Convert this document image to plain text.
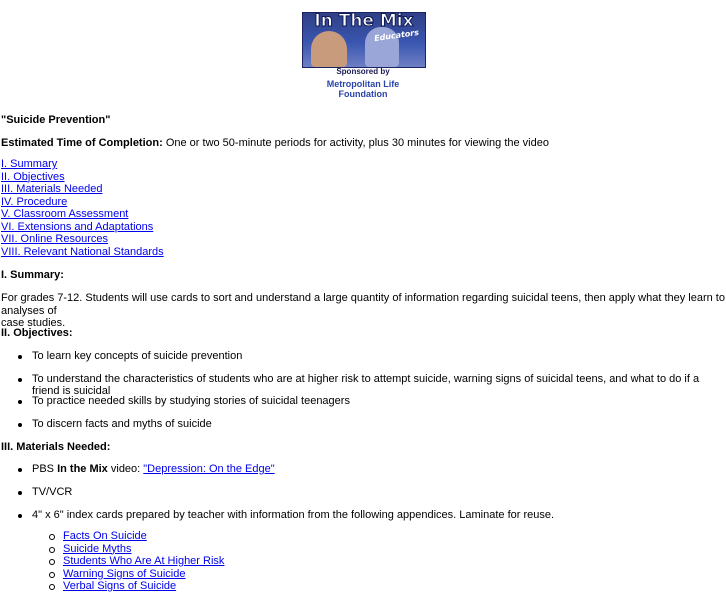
In The Mix
Educators
Sponsored by
Metropolitan Life
Foundation
"Suicide Prevention"
Estimated Time of Completion: One or two 50-minute periods for activity, plus 30 minutes for viewing the video
I. Summary
II. Objectives
III. Materials Needed
IV. Procedure
V. Classroom Assessment
VI. Extensions and Adaptations
VII. Online Resources
VIII. Relevant National Standards
I. Summary:
For grades 7-12. Students will use cards to sort and understand a large quantity of information regarding suicidal teens, then apply what they learn to analyses of
case studies.
II. Objectives:
To learn key concepts of suicide prevention
To understand the characteristics of students who are at higher risk to attempt suicide, warning signs of suicidal teens, and what to do if a friend is suicidal
To practice needed skills by studying stories of suicidal teenagers
To discern facts and myths of suicide
III. Materials Needed:
PBS In the Mix video: "Depression: On the Edge"
TV/VCR
4" x 6" index cards prepared by teacher with information from the following appendices. Laminate for reuse.
Facts On Suicide
Suicide Myths
Students Who Are At Higher Risk
Warning Signs of Suicide
Verbal Signs of Suicide
